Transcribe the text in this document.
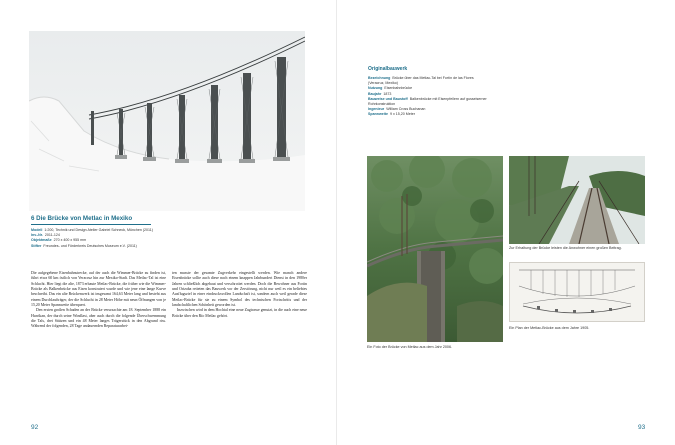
6 Die Brücke von Metlac in Mexiko
Modell 1:200, Technik und Design Atelier Gabriel Schneck, München (2011)
Inv.-Nr. 2011-124
Objektmaße 270 x 400 x 955 mm
Stifter Freundes- und Förderkreis Deutsches Museum e.V. (2011)

Die aufgegebene Eisenbahnstrecke, auf der auch die Wimmer-Brücke zu finden ist, führt etwa 60 km östlich von Veracruz hin zur Mexiko-Stadt. Das Metlac-Tal ist eine Schlucht. Hier liegt die alte, 1873 erbaute Metlac-Brücke, die früher wie die Wimmer-Brücke als Balkenbrücke aus Eisen konstruiert wurde und wie jene eine lange Kurve beschreibt. Das ein alte Brückenwerk ist insgesamt 164,63 Meter lang und besteht aus einem Durchlaufträger, der die Schlucht in 28 Meter Höhe mit neun Öffnungen von je 15,20 Meter Spannweite überquert.

Den ersten großen Schaden an der Brücke verursachte am 18. September 1888 ein Hurrikan, der durch seine Windlast, aber auch durch die folgende Überschwemmung die Tals, drei Stützen und ein 48 Meter langes Trägerstück in den Abgrund riss. Während der folgenden, 28 Tage andauernden Reparaturarbei-

ten musste der gesamte Zugverkehr eingestellt werden. Wie manch andere Eisenbrücke sollte auch diese nach einem knappen Jahrhundert Dienst in den 1980er Jahren schließlich abgebaut und verschrottet werden. Doch die Bewohner aus Fortin und Orizaba retteten das Bauwerk vor der Zerstörung, nicht nur weil es ein beliebtes Ausflugsziel in einer eindrucksvollen Landschaft ist, sondern auch weil gerade diese Metlac-Brücke für sie zu einem Symbol des technischen Fortschritts und der landschaftlichen Schönheit geworden ist.

Inzwischen wird in dem Hochtal eine neue Zugtrasse genutzt, in die auch eine neue Brücke über den Río Metlac gehört.

92
Originalbauwerk
Bezeichnung Brücke über das Metlac-Tal bei Fortín de las Flores (Veracruz, Mexiko)
Nutzung Eisenbahnbrücke
Baujahr 1873
Bauweise und Baustoff Balkenbrücke mit Eisenpfeilern auf gusseiserner Rohrkonstruktion
Ingenieur William Cross Buchanan
Spannweite 9 x 15,20 Meter
Ein Foto der Brücke von Metlac aus dem Jahr 2006.
Zur Erhaltung der Brücke leisten die Anwohner einen großen Beitrag.
Ein Plan der Metlac-Brücke aus dem Jahre 1905.
93
